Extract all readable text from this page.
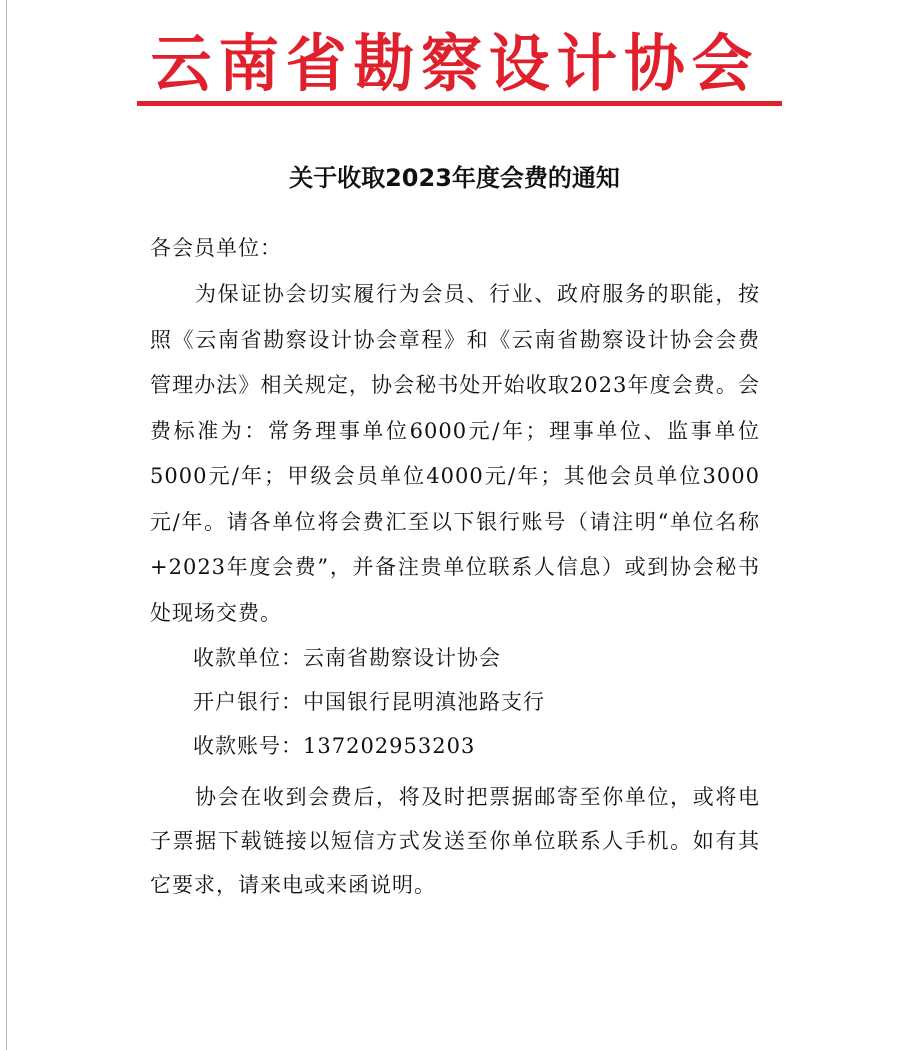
云南省勘察设计协会
关于收取2023年度会费的通知
各会员单位：
为保证协会切实履行为会员、行业、政府服务的职能，按照《云南省勘察设计协会章程》和《云南省勘察设计协会会费管理办法》相关规定，协会秘书处开始收取2023年度会费。会费标准为：常务理事单位6000元/年；理事单位、监事单位5000元/年；甲级会员单位4000元/年；其他会员单位3000元/年。请各单位将会费汇至以下银行账号（请注明“单位名称+2023年度会费”，并备注贵单位联系人信息）或到协会秘书处现场交费。
收款单位：云南省勘察设计协会
开户银行：中国银行昆明滇池路支行
收款账号：137202953203
协会在收到会费后，将及时把票据邮寄至你单位，或将电子票据下载链接以短信方式发送至你单位联系人手机。如有其它要求，请来电或来函说明。
